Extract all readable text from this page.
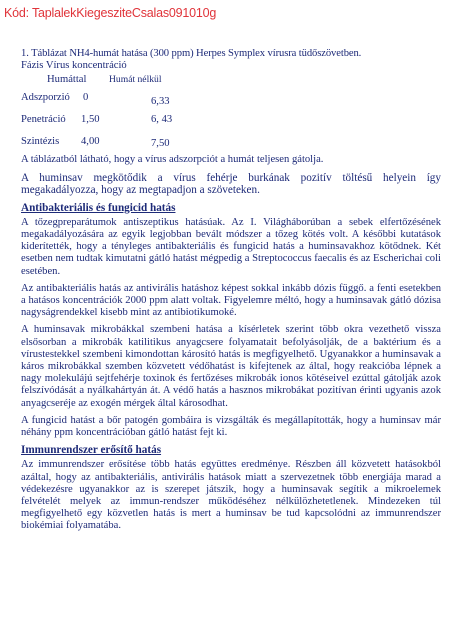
Kód: TaplalekKiegesziteCsalas091010g
1. Táblázat NH4-humát hatása (300 ppm) Herpes Symplex vírusra tüdőszövetben.
Fázis Vírus koncentráció
Humáttal Humát nélkül
Adszporzió 0	6,33
Penetráció 1,50	6, 43
Szintézis 4,00	7,50

A táblázatból látható, hogy a vírus adszorpciót a humát teljesen gátolja.

A huminsav megkötődik a vírus fehérje burkának pozitív töltésű helyein így megakadályozza, hogy az megtapadjon a szöveteken.

Antibakteriális és fungicid hatás

A tőzegpreparátumok antiszeptikus hatásúak. Az I. Világháborúban a sebek elfertőzésének megakadályozására az egyik legjobban bevált módszer a tőzeg kötés volt. A későbbi kutatások kiderítették, hogy a tényleges antibakteriális és fungicid hatás a huminsavakhoz kötődnek. Két esetben nem tudtak kimutatni gátló hatást mégpedig a Streptococcus faecalis és az Escherichai coli esetében.

Az antibakteriális hatás az antivirális hatáshoz képest sokkal inkább dózis függő. a fenti esetekben a hatásos koncentrációk 2000 ppm alatt voltak. Figyelemre méltó, hogy a huminsavak gátló dózisa nagyságrendekkel kisebb mint az antibiotikumoké.

A huminsavak mikrobákkal szembeni hatása a kísérletek szerint több okra vezethető vissza elsősorban a mikrobák katilitikus anyagcsere folyamatait befolyásolják, de a baktérium és a vírustestekkel szembeni kimondottan károsító hatás is megfigyelhető. Ugyanakkor a huminsavak a káros mikrobákkal szemben közvetett védőhatást is kifejtenek az által, hogy reakcióba lépnek a nagy molekulájú sejtfehérje toxinok és fertőzéses mikrobák ionos kötéseivel ezúttal gátolják azok felszívódását a nyálkahártyán át. A védő hatás a hasznos mikrobákat pozitívan érinti ugyanis azok anyagcseréje az exogén mérgek által károsodhat.

A fungicid hatást a bőr patogén gombáira is vizsgálták és megállapították, hogy a huminsav már néhány ppm koncentrációban gátló hatást fejt ki.

Immunrendszer erősítő hatás

Az immunrendszer erősítése több hatás együttes eredménye. Részben áll közvetett hatásokból azáltal, hogy az antibakteriális, antivirális hatások miatt a szervezetnek több energiája marad a védekezésre ugyanakkor az is szerepet játszik, hogy a huminsavak segítik a mikroelemek felvételét melyek az immun-rendszer működéséhez nélkülözhetetlenek. Mindezeken túl megfigyelhető egy közvetlen hatás is mert a huminsav be tud kapcsolódni az immunrendszer biokémiai folyamatába.
